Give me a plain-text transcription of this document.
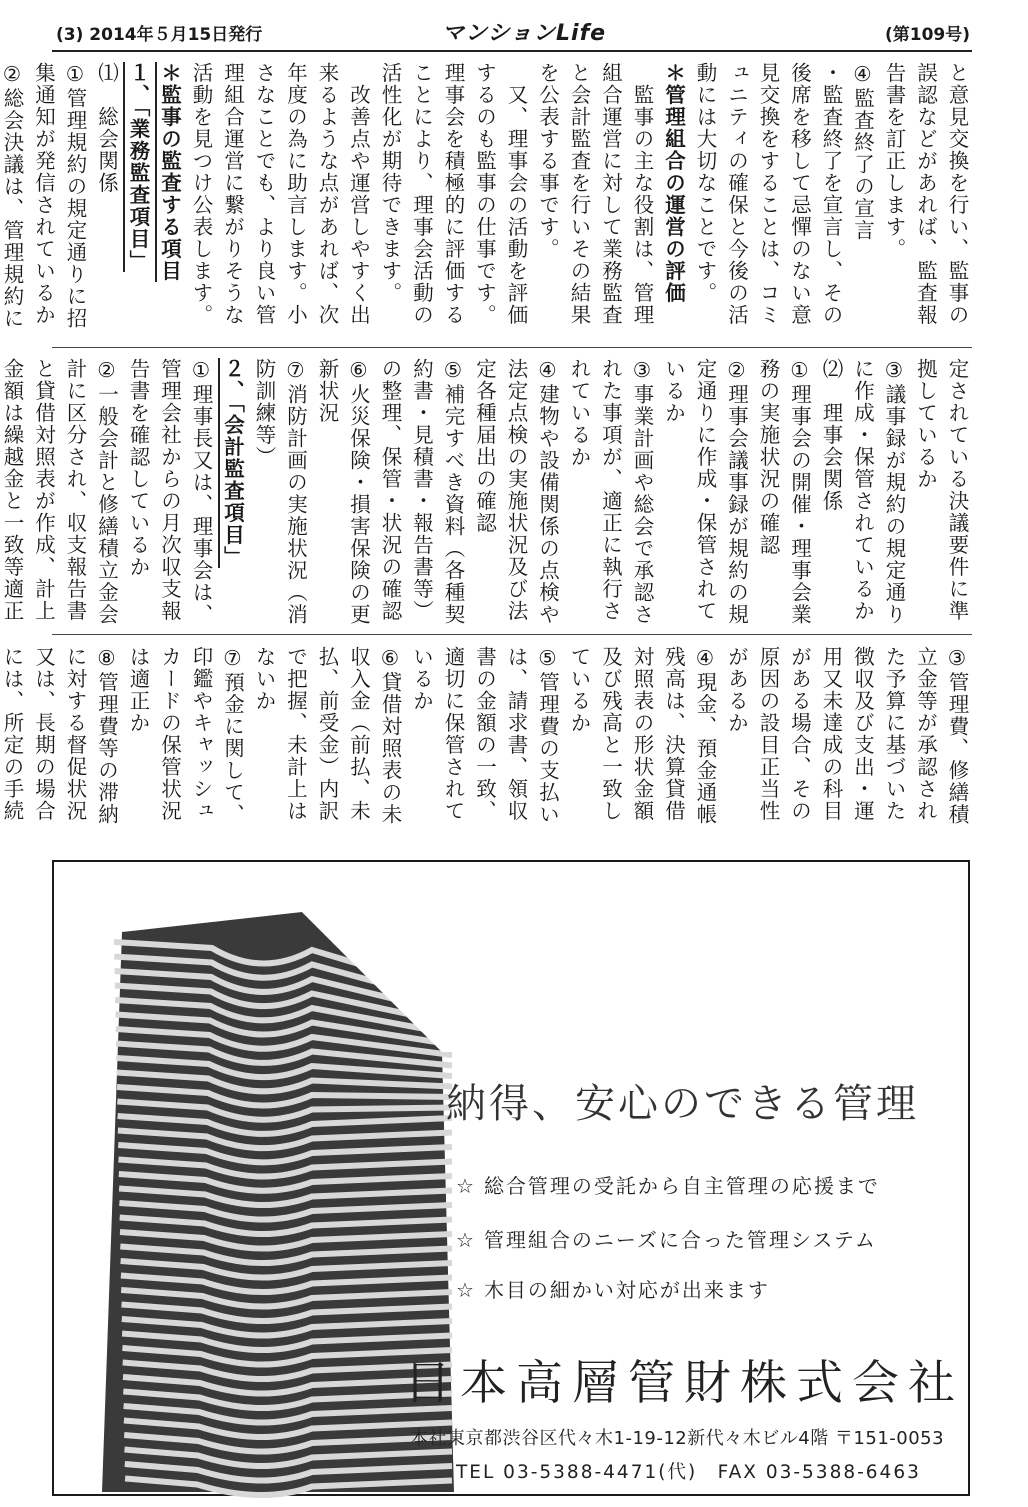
(3) 2014年５月15日発行	マンションLife	(第109号)
と意見交換を行い、監事の誤認などがあれば、監査報告書を訂正します。
④監査終了の宣言
・監査終了を宣言し、その後席を移して忌憚のない意見交換をすることは、コミュニティの確保と今後の活動には大切なことです。
＊管理組合の運営の評価
　監事の主な役割は、管理組合運営に対して業務監査と会計監査を行いその結果を公表する事です。
　又、理事会の活動を評価するのも監事の仕事です。理事会を積極的に評価することにより、理事会活動の活性化が期待できます。
　改善点や運営しやすく出来るような点があれば、次年度の為に助言します。小さなことでも、より良い管理組合運営に繋がりそうな活動を見つけ公表します。
＊監事の監査する項目
１、「業務監査項目」
⑴　総会関係
①管理規約の規定通りに招集通知が発信されているか
②総会決議は、管理規約に
定されている決議要件に準拠しているか
③議事録が規約の規定通りに作成・保管されているか
⑵　理事会関係
①理事会の開催・理事会業務の実施状況の確認
②理事会議事録が規約の規定通りに作成・保管されているか
③事業計画や総会で承認された事項が、適正に執行されているか
④建物や設備関係の点検や法定点検の実施状況及び法定各種届出の確認
⑤補完すべき資料（各種契約書・見積書・報告書等）の整理、保管・状況の確認
⑥火災保険・損害保険の更新状況
⑦消防計画の実施状況（消防訓練等）
２、「会計監査項目」
①理事長又は、理事会は、管理会社からの月次収支報告書を確認しているか
②一般会計と修繕積立金会計に区分され、収支報告書と貸借対照表が作成、計上金額は繰越金と一致等適正
③管理費、修繕積立金等が承認された予算に基づいた徴収及び支出・運用又未達成の科目がある場合、その原因の設目正当性があるか
④現金、預金通帳残高は、決算貸借対照表の形状金額及び残高と一致しているか
⑤管理費の支払いは、請求書、領収書の金額の一致、適切に保管されているか
⑥貸借対照表の未収入金（前払、未払、前受金）内訳で把握、未計上はないか
⑦預金に関して、印鑑やキャッシュカードの保管状況は適正か
⑧管理費等の滞納に対する督促状況又は、長期の場合には、所定の手続
納得、安心のできる管理
☆ 総合管理の受託から自主管理の応援まで
☆ 管理組合のニーズに合った管理システム
☆ 木目の細かい対応が出来ます
日本高層管財株式会社
本社東京都渋谷区代々木1-19-12新代々木ビル4階 〒151-0053
TEL 03-5388-4471(代)　FAX 03-5388-6463
